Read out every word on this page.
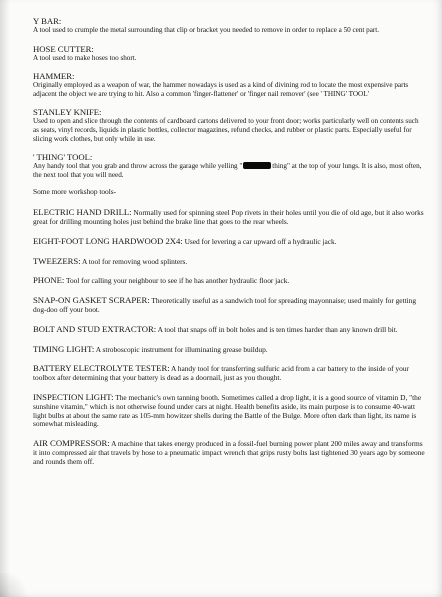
Y BAR:
A tool used to crumple the metal surrounding that clip or bracket you needed to remove in order to replace a 50 cent part.
HOSE CUTTER:
A tool used to make hoses too short.
HAMMER:
Originally employed as a weapon of war, the hammer nowadays is used as a kind of divining rod to locate the most expensive parts adjacent the object we are trying to hit. Also a common 'finger-flattener' or 'finger nail remover' (see ' THING' TOOL'
STANLEY KNIFE:
Used to open and slice through the contents of cardboard cartons delivered to your front door; works particularly well on contents such as seats, vinyl records, liquids in plastic bottles, collector magazines, refund checks, and rubber or plastic parts. Especially useful for slicing work clothes, but only while in use.
' THING' TOOL:
Any handy tool that you grab and throw across the garage while yelling "	thing" at the top of your lungs. It is also, most often, the next tool that you will need.
Some more workshop tools-
ELECTRIC HAND DRILL: Normally used for spinning steel Pop rivets in their holes until you die of old age, but it also works great for drilling mounting holes just behind the brake line that goes to the rear wheels.
EIGHT-FOOT LONG HARDWOOD 2X4: Used for levering a car upward off a hydraulic jack.
TWEEZERS: A tool for removing wood splinters.
PHONE: Tool for calling your neighbour to see if he has another hydraulic floor jack.
SNAP-ON GASKET SCRAPER: Theoretically useful as a sandwich tool for spreading mayonnaise; used mainly for getting dog-doo off your boot.
BOLT AND STUD EXTRACTOR: A tool that snaps off in bolt holes and is ten times harder than any known drill bit.
TIMING LIGHT: A stroboscopic instrument for illuminating grease buildup.
BATTERY ELECTROLYTE TESTER: A handy tool for transferring sulfuric acid from a car battery to the inside of your toolbox after determining that your battery is dead as a doornail, just as you thought.
INSPECTION LIGHT: The mechanic's own tanning booth. Sometimes called a drop light, it is a good source of vitamin D, "the sunshine vitamin," which is not otherwise found under cars at night. Health benefits aside, its main purpose is to consume 40-watt light bulbs at about the same rate as 105-mm howitzer shells during the Battle of the Bulge. More often dark than light, its name is somewhat misleading.
AIR COMPRESSOR: A machine that takes energy produced in a fossil-fuel burning power plant 200 miles away and transforms it into compressed air that travels by hose to a pneumatic impact wrench that grips rusty bolts last tightened 30 years ago by someone and rounds them off.
